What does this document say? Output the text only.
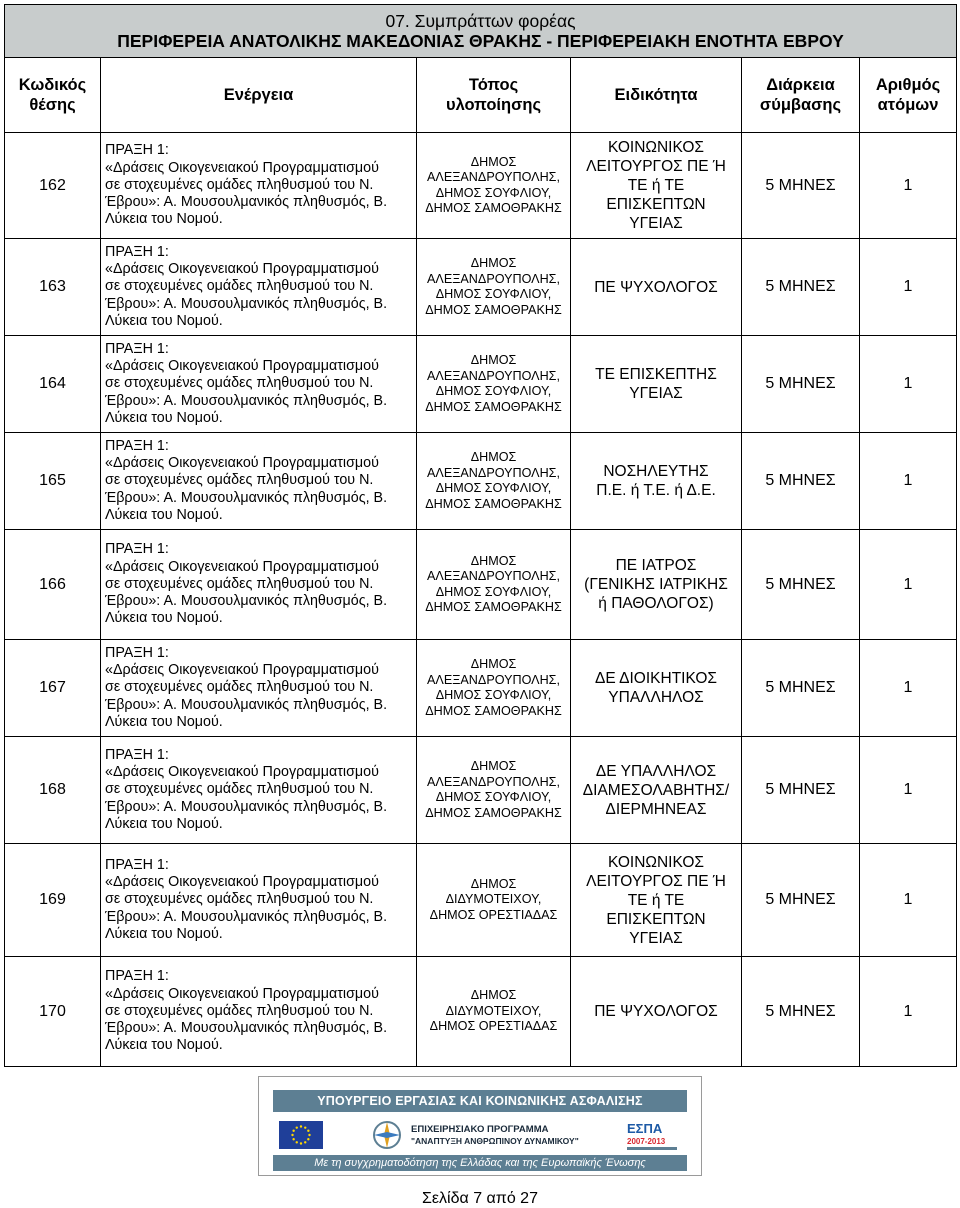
07. Συμπράττων φορέας
ΠΕΡΙΦΕΡΕΙΑ ΑΝΑΤΟΛΙΚΗΣ ΜΑΚΕΔΟΝΙΑΣ ΘΡΑΚΗΣ - ΠΕΡΙΦΕΡΕΙΑΚΗ ΕΝΟΤΗΤΑ ΕΒΡΟΥ					

Κωδικός
θέσης	Ενέργεια	Τόπος
υλοποίησης	Ειδικότητα	Διάρκεια
σύμβασης	Αριθμός
ατόμων
162	ΠΡΑΞΗ 1:
«Δράσεις Οικογενειακού Προγραμματισμού
σε στοχευμένες ομάδες πληθυσμού του Ν.
Έβρου»: Α. Μουσουλμανικός πληθυσμός, Β.
Λύκεια του Νομού.	ΔΗΜΟΣ
ΑΛΕΞΑΝΔΡΟΥΠΟΛΗΣ,
ΔΗΜΟΣ ΣΟΥΦΛΙΟΥ,
ΔΗΜΟΣ ΣΑΜΟΘΡΑΚΗΣ	ΚΟΙΝΩΝΙΚΟΣ
ΛΕΙΤΟΥΡΓΟΣ ΠΕ Ή
ΤΕ ή ΤΕ
ΕΠΙΣΚΕΠΤΩΝ
ΥΓΕΙΑΣ	5 ΜΗΝΕΣ	1
163	ΠΡΑΞΗ 1:
«Δράσεις Οικογενειακού Προγραμματισμού
σε στοχευμένες ομάδες πληθυσμού του Ν.
Έβρου»: Α. Μουσουλμανικός πληθυσμός, Β.
Λύκεια του Νομού.	ΔΗΜΟΣ
ΑΛΕΞΑΝΔΡΟΥΠΟΛΗΣ,
ΔΗΜΟΣ ΣΟΥΦΛΙΟΥ,
ΔΗΜΟΣ ΣΑΜΟΘΡΑΚΗΣ	ΠΕ ΨΥΧΟΛΟΓΟΣ	5 ΜΗΝΕΣ	1
164	ΠΡΑΞΗ 1:
«Δράσεις Οικογενειακού Προγραμματισμού
σε στοχευμένες ομάδες πληθυσμού του Ν.
Έβρου»: Α. Μουσουλμανικός πληθυσμός, Β.
Λύκεια του Νομού.	ΔΗΜΟΣ
ΑΛΕΞΑΝΔΡΟΥΠΟΛΗΣ,
ΔΗΜΟΣ ΣΟΥΦΛΙΟΥ,
ΔΗΜΟΣ ΣΑΜΟΘΡΑΚΗΣ	ΤΕ ΕΠΙΣΚΕΠΤΗΣ
ΥΓΕΙΑΣ	5 ΜΗΝΕΣ	1
165	ΠΡΑΞΗ 1:
«Δράσεις Οικογενειακού Προγραμματισμού
σε στοχευμένες ομάδες πληθυσμού του Ν.
Έβρου»: Α. Μουσουλμανικός πληθυσμός, Β.
Λύκεια του Νομού.	ΔΗΜΟΣ
ΑΛΕΞΑΝΔΡΟΥΠΟΛΗΣ,
ΔΗΜΟΣ ΣΟΥΦΛΙΟΥ,
ΔΗΜΟΣ ΣΑΜΟΘΡΑΚΗΣ	ΝΟΣΗΛΕΥΤΗΣ
Π.Ε. ή Τ.Ε. ή Δ.Ε.	5 ΜΗΝΕΣ	1
166	ΠΡΑΞΗ 1:
«Δράσεις Οικογενειακού Προγραμματισμού
σε στοχευμένες ομάδες πληθυσμού του Ν.
Έβρου»: Α. Μουσουλμανικός πληθυσμός, Β.
Λύκεια του Νομού.	ΔΗΜΟΣ
ΑΛΕΞΑΝΔΡΟΥΠΟΛΗΣ,
ΔΗΜΟΣ ΣΟΥΦΛΙΟΥ,
ΔΗΜΟΣ ΣΑΜΟΘΡΑΚΗΣ	ΠΕ ΙΑΤΡΟΣ
(ΓΕΝΙΚΗΣ ΙΑΤΡΙΚΗΣ
ή ΠΑΘΟΛΟΓΟΣ)	5 ΜΗΝΕΣ	1
167	ΠΡΑΞΗ 1:
«Δράσεις Οικογενειακού Προγραμματισμού
σε στοχευμένες ομάδες πληθυσμού του Ν.
Έβρου»: Α. Μουσουλμανικός πληθυσμός, Β.
Λύκεια του Νομού.	ΔΗΜΟΣ
ΑΛΕΞΑΝΔΡΟΥΠΟΛΗΣ,
ΔΗΜΟΣ ΣΟΥΦΛΙΟΥ,
ΔΗΜΟΣ ΣΑΜΟΘΡΑΚΗΣ	ΔΕ ΔΙΟΙΚΗΤΙΚΟΣ
ΥΠΑΛΛΗΛΟΣ	5 ΜΗΝΕΣ	1
168	ΠΡΑΞΗ 1:
«Δράσεις Οικογενειακού Προγραμματισμού
σε στοχευμένες ομάδες πληθυσμού του Ν.
Έβρου»: Α. Μουσουλμανικός πληθυσμός, Β.
Λύκεια του Νομού.	ΔΗΜΟΣ
ΑΛΕΞΑΝΔΡΟΥΠΟΛΗΣ,
ΔΗΜΟΣ ΣΟΥΦΛΙΟΥ,
ΔΗΜΟΣ ΣΑΜΟΘΡΑΚΗΣ	ΔΕ ΥΠΑΛΛΗΛΟΣ
ΔΙΑΜΕΣΟΛΑΒΗΤΗΣ/
ΔΙΕΡΜΗΝΕΑΣ	5 ΜΗΝΕΣ	1
169	ΠΡΑΞΗ 1:
«Δράσεις Οικογενειακού Προγραμματισμού
σε στοχευμένες ομάδες πληθυσμού του Ν.
Έβρου»: Α. Μουσουλμανικός πληθυσμός, Β.
Λύκεια του Νομού.	ΔΗΜΟΣ
ΔΙΔΥΜΟΤΕΙΧΟΥ,
ΔΗΜΟΣ ΟΡΕΣΤΙΑΔΑΣ	ΚΟΙΝΩΝΙΚΟΣ
ΛΕΙΤΟΥΡΓΟΣ ΠΕ Ή
ΤΕ ή ΤΕ
ΕΠΙΣΚΕΠΤΩΝ
ΥΓΕΙΑΣ	5 ΜΗΝΕΣ	1
170	ΠΡΑΞΗ 1:
«Δράσεις Οικογενειακού Προγραμματισμού
σε στοχευμένες ομάδες πληθυσμού του Ν.
Έβρου»: Α. Μουσουλμανικός πληθυσμός, Β.
Λύκεια του Νομού.	ΔΗΜΟΣ
ΔΙΔΥΜΟΤΕΙΧΟΥ,
ΔΗΜΟΣ ΟΡΕΣΤΙΑΔΑΣ	ΠΕ ΨΥΧΟΛΟΓΟΣ	5 ΜΗΝΕΣ	1
ΥΠΟΥΡΓΕΙΟ ΕΡΓΑΣΙΑΣ ΚΑΙ ΚΟΙΝΩΝΙΚΗΣ ΑΣΦΑΛΙΣΗΣ
ΕΠΙΧΕΙΡΗΣΙΑΚΟ ΠΡΟΓΡΑΜΜΑ
"ΑΝΑΠΤΥΞΗ ΑΝΘΡΩΠΙΝΟΥ ΔΥΝΑΜΙΚΟΥ"
ΕΣΠΑ
2007-2013
Με τη συγχρηματοδότηση της Ελλάδας και της Ευρωπαϊκής Ένωσης
Σελίδα 7 από 27
